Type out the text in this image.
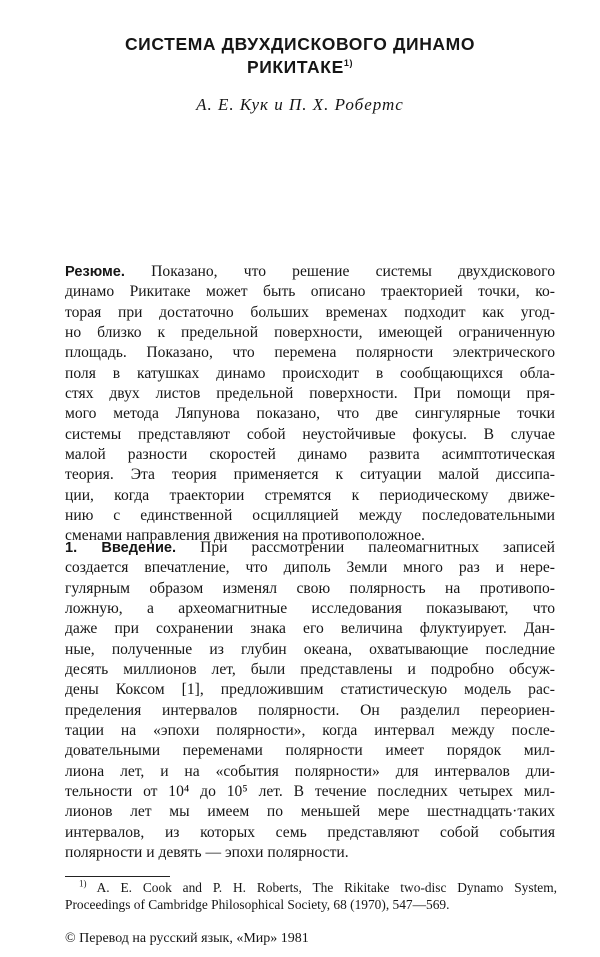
СИСТЕМА ДВУХДИСКОВОГО ДИНАМО
РИКИТАКЕ$^{1)}$
А. Е. Кук и П. Х. Робертс
Резюме. Показано, что решение системы двухдискового
динамо Рикитаке может быть описано траекторией точки, ко-
торая при достаточно больших временах подходит как угод-
но близко к предельной поверхности, имеющей ограниченную
площадь. Показано, что перемена полярности электрического
поля в катушках динамо происходит в сообщающихся обла-
стях двух листов предельной поверхности. При помощи пря-
мого метода Ляпунова показано, что две сингулярные точки
системы представляют собой неустойчивые фокусы. В случае
малой разности скоростей динамо развита асимптотическая
теория. Эта теория применяется к ситуации малой диссипа-
ции, когда траектории стремятся к периодическому движе-
нию с единственной осцилляцией между последовательными
сменами направления движения на противоположное.
1. Введение. При рассмотрении палеомагнитных записей
создается впечатление, что диполь Земли много раз и нере-
гулярным образом изменял свою полярность на противопо-
ложную, а археомагнитные исследования показывают, что
даже при сохранении знака его величина флуктуирует. Дан-
ные, полученные из глубин океана, охватывающие последние
десять миллионов лет, были представлены и подробно обсуж-
дены Коксом [1], предложившим статистическую модель рас-
пределения интервалов полярности. Он разделил переориен-
тации на «эпохи полярности», когда интервал между после-
довательными переменами полярности имеет порядок мил-
лиона лет, и на «события полярности» для интервалов дли-
тельности от 10⁴ до 10⁵ лет. В течение последних четырех мил-
лионов лет мы имеем по меньшей мере шестнадцать·таких
интервалов, из которых семь представляют собой события
полярности и девять — эпохи полярности.
$^{1)}$ A. E. Cook and P. H. Roberts, The Rikitake two-disc Dynamo System,
Proceedings of Cambridge Philosophical Society, 68 (1970), 547—569.
© Перевод на русский язык, «Мир» 1981
